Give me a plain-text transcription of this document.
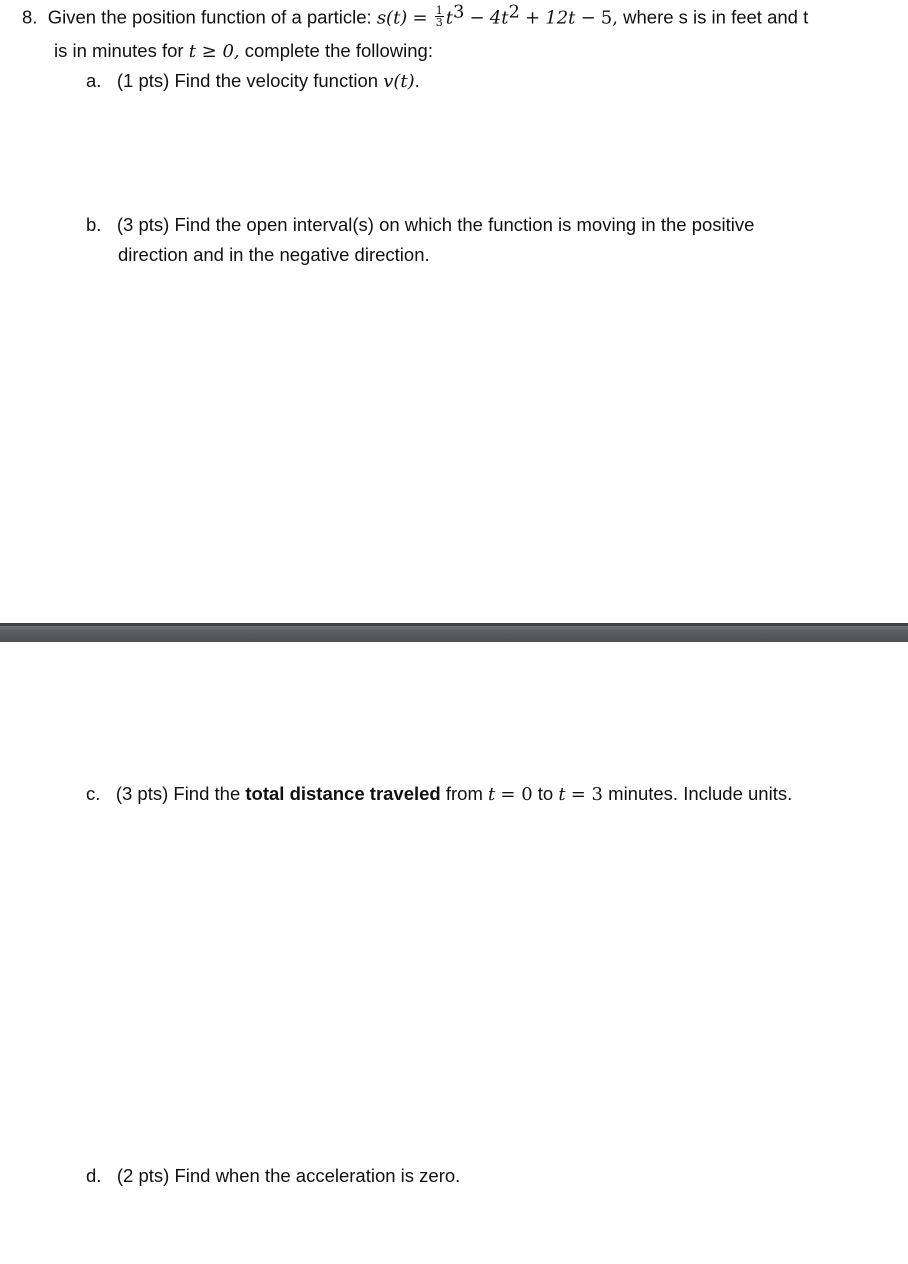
8. Given the position function of a particle: $s(t) = \frac{1}{3} t^3 - 4t^2 + 12t - 5$, where s is in feet and t
is in minutes for t ≥ 0, complete the following:
a. (1 pts) Find the velocity function v(t).
b. (3 pts) Find the open interval(s) on which the function is moving in the positive
direction and in the negative direction.
c. (3 pts) Find the total distance traveled from t = 0 to t = 3 minutes. Include units.
d. (2 pts) Find when the acceleration is zero.
